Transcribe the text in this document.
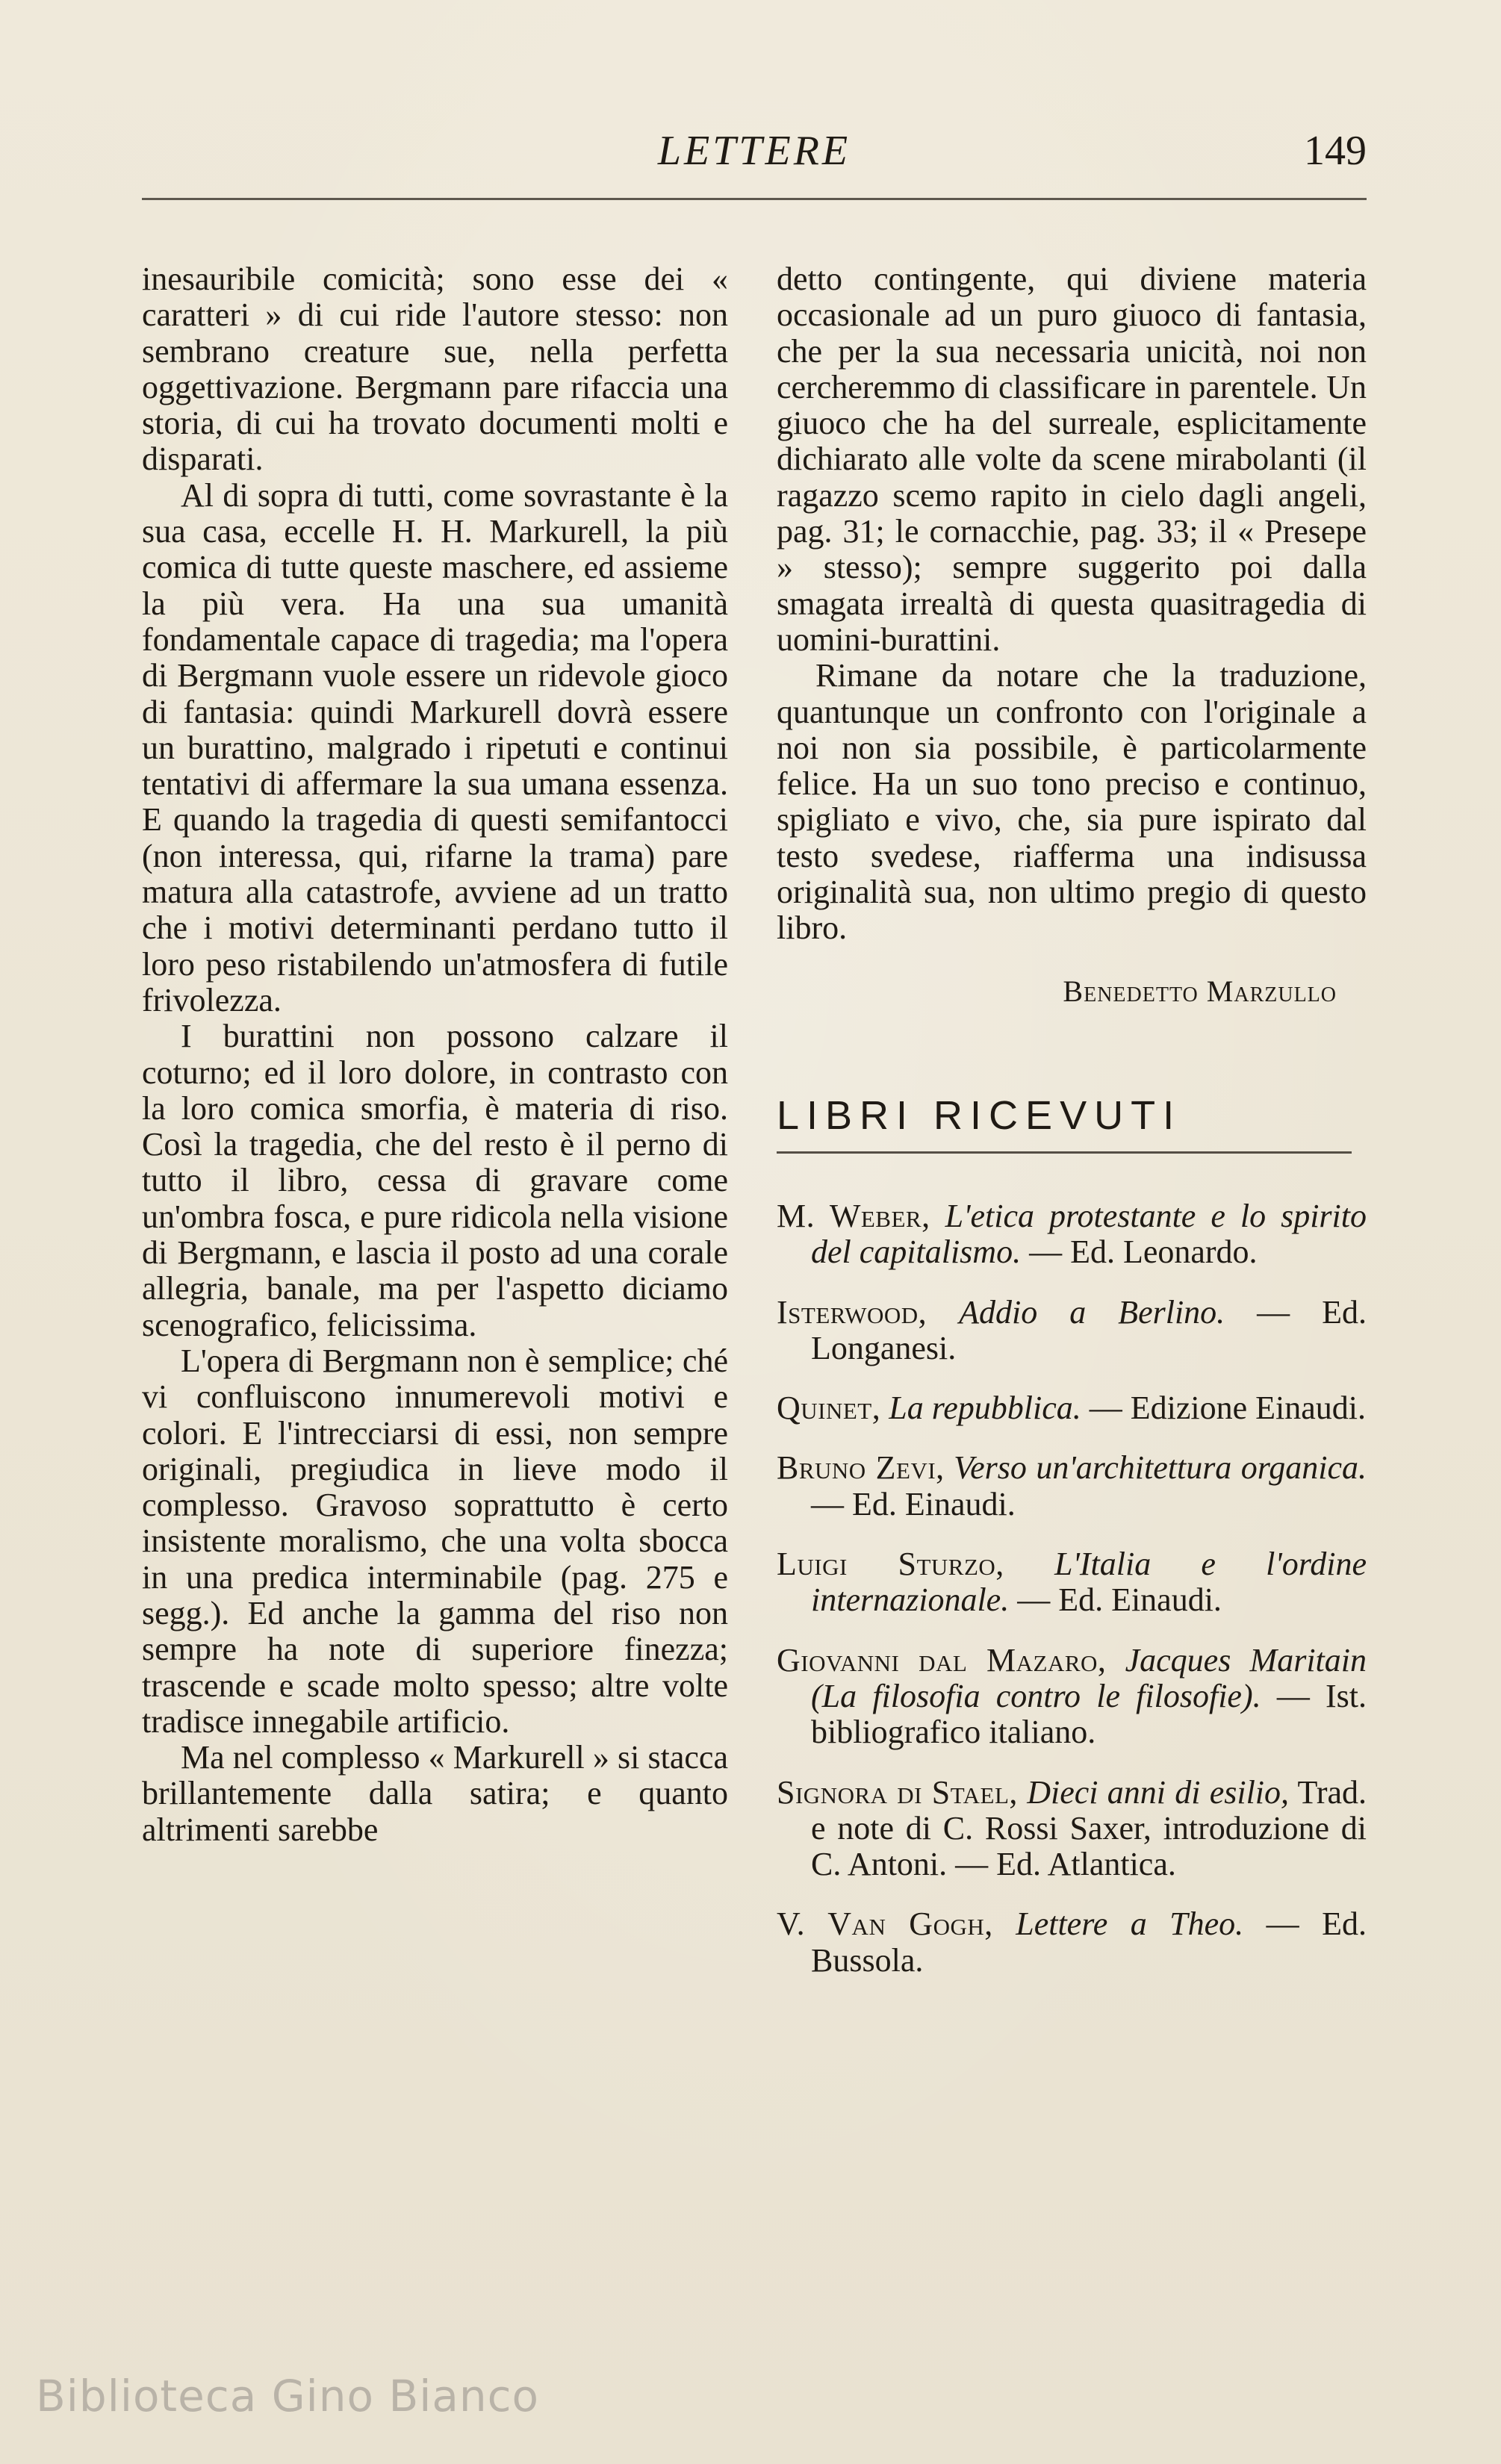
LETTERE	149

inesauribile comicità; sono esse dei « caratteri » di cui ride l'autore stesso: non sembrano creature sue, nella perfetta oggettivazione. Bergmann pare rifaccia una storia, di cui ha trovato documenti molti e disparati.

Al di sopra di tutti, come sovrastante è la sua casa, eccelle H. H. Markurell, la più comica di tutte queste maschere, ed assieme la più vera. Ha una sua umanità fondamentale capace di tragedia; ma l'opera di Bergmann vuole essere un ridevole gioco di fantasia: quindi Markurell dovrà essere un burattino, malgrado i ripetuti e continui tentativi di affermare la sua umana essenza. E quando la tragedia di questi semifantocci (non interessa, qui, rifarne la trama) pare matura alla catastrofe, avviene ad un tratto che i motivi determinanti perdano tutto il loro peso ristabilendo un'atmosfera di futile frivolezza.

I burattini non possono calzare il coturno; ed il loro dolore, in contrasto con la loro comica smorfia, è materia di riso. Così la tragedia, che del resto è il perno di tutto il libro, cessa di gravare come un'ombra fosca, e pure ridicola nella visione di Bergmann, e lascia il posto ad una corale allegria, banale, ma per l'aspetto diciamo scenografico, felicissima.

L'opera di Bergmann non è semplice; ché vi confluiscono innumerevoli motivi e colori. E l'intrecciarsi di essi, non sempre originali, pregiudica in lieve modo il complesso. Gravoso soprattutto è certo insistente moralismo, che una volta sbocca in una predica interminabile (pag. 275 e segg.). Ed anche la gamma del riso non sempre ha note di superiore finezza; trascende e scade molto spesso; altre volte tradisce innegabile artificio.

Ma nel complesso « Markurell » si stacca brillantemente dalla satira; e quanto altrimenti sarebbe

detto contingente, qui diviene materia occasionale ad un puro giuoco di fantasia, che per la sua necessaria unicità, noi non cercheremmo di classificare in parentele. Un giuoco che ha del surreale, esplicitamente dichiarato alle volte da scene mirabolanti (il ragazzo scemo rapito in cielo dagli angeli, pag. 31; le cornacchie, pag. 33; il « Presepe » stesso); sempre suggerito poi dalla smagata irrealtà di questa quasitragedia di uomini-burattini.

Rimane da notare che la traduzione, quantunque un confronto con l'originale a noi non sia possibile, è particolarmente felice. Ha un suo tono preciso e continuo, spigliato e vivo, che, sia pure ispirato dal testo svedese, riafferma una indisussa originalità sua, non ultimo pregio di questo libro.

Benedetto Marzullo
LIBRI RICEVUTI
M. Weber, L'etica protestante e lo spirito del capitalismo. — Ed. Leonardo.
Isterwood, Addio a Berlino. — Ed. Longanesi.
Quinet, La repubblica. — Edizione Einaudi.
Bruno Zevi, Verso un'architettura organica. — Ed. Einaudi.
Luigi Sturzo, L'Italia e l'ordine internazionale. — Ed. Einaudi.
Giovanni dal Mazaro, Jacques Maritain (La filosofia contro le filosofie). — Ist. bibliografico italiano.
Signora di Stael, Dieci anni di esilio, Trad. e note di C. Rossi Saxer, introduzione di C. Antoni. — Ed. Atlantica.
V. Van Gogh, Lettere a Theo. — Ed. Bussola.
Biblioteca Gino Bianco
